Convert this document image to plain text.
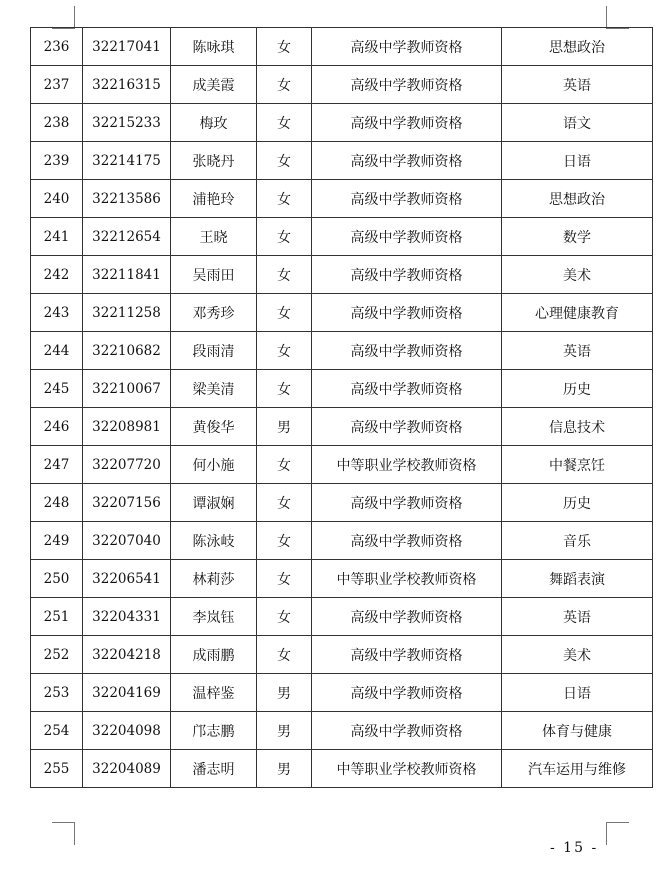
236	32217041	陈咏琪	女	高级中学教师资格	思想政治
237	32216315	成美霞	女	高级中学教师资格	英语
238	32215233	梅玫	女	高级中学教师资格	语文
239	32214175	张晓丹	女	高级中学教师资格	日语
240	32213586	浦艳玲	女	高级中学教师资格	思想政治
241	32212654	王晓	女	高级中学教师资格	数学
242	32211841	吴雨田	女	高级中学教师资格	美术
243	32211258	邓秀珍	女	高级中学教师资格	心理健康教育
244	32210682	段雨清	女	高级中学教师资格	英语
245	32210067	梁美清	女	高级中学教师资格	历史
246	32208981	黄俊华	男	高级中学教师资格	信息技术
247	32207720	何小施	女	中等职业学校教师资格	中餐烹饪
248	32207156	谭淑娴	女	高级中学教师资格	历史
249	32207040	陈泳岐	女	高级中学教师资格	音乐
250	32206541	林莉莎	女	中等职业学校教师资格	舞蹈表演
251	32204331	李岚钰	女	高级中学教师资格	英语
252	32204218	成雨鹏	女	高级中学教师资格	美术
253	32204169	温梓鉴	男	高级中学教师资格	日语
254	32204098	邝志鹏	男	高级中学教师资格	体育与健康
255	32204089	潘志明	男	中等职业学校教师资格	汽车运用与维修
- 15 -
